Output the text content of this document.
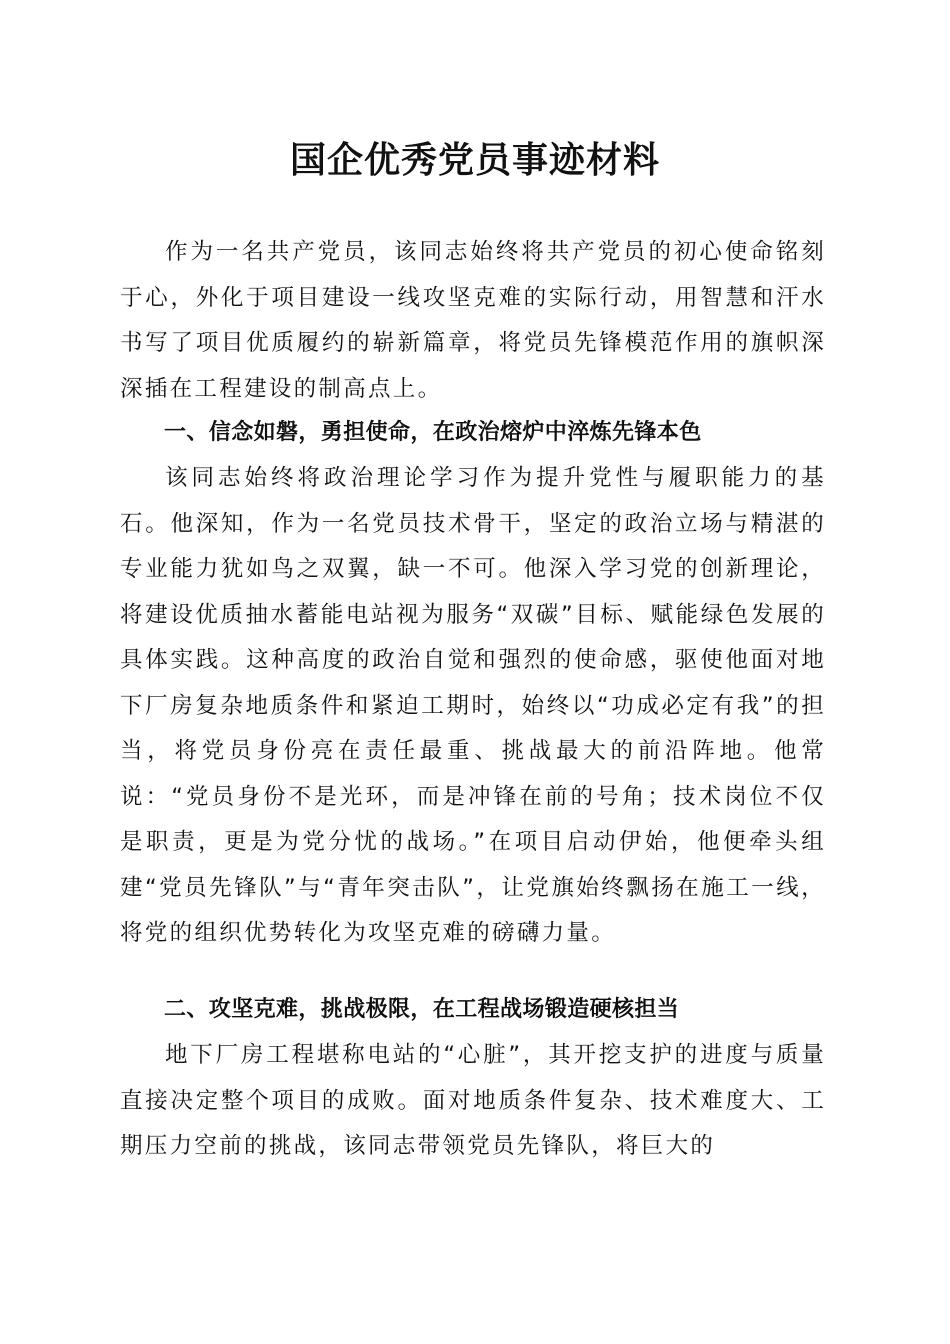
国企优秀党员事迹材料

作为一名共产党员，该同志始终将共产党员的初心使命铭刻于心，外化于项目建设一线攻坚克难的实际行动，用智慧和汗水书写了项目优质履约的崭新篇章，将党员先锋模范作用的旗帜深深插在工程建设的制高点上。

一、信念如磐，勇担使命，在政治熔炉中淬炼先锋本色

该同志始终将政治理论学习作为提升党性与履职能力的基石。他深知，作为一名党员技术骨干，坚定的政治立场与精湛的专业能力犹如鸟之双翼，缺一不可。他深入学习党的创新理论，将建设优质抽水蓄能电站视为服务“双碳”目标、赋能绿色发展的具体实践。这种高度的政治自觉和强烈的使命感，驱使他面对地下厂房复杂地质条件和紧迫工期时，始终以“功成必定有我”的担当，将党员身份亮在责任最重、挑战最大的前沿阵地。他常说：“党员身份不是光环，而是冲锋在前的号角；技术岗位不仅是职责，更是为党分忧的战场。”在项目启动伊始，他便牵头组建“党员先锋队”与“青年突击队”，让党旗始终飘扬在施工一线，将党的组织优势转化为攻坚克难的磅礴力量。

二、攻坚克难，挑战极限，在工程战场锻造硬核担当

地下厂房工程堪称电站的“心脏”，其开挖支护的进度与质量直接决定整个项目的成败。面对地质条件复杂、技术难度大、工期压力空前的挑战，该同志带领党员先锋队，将巨大的
